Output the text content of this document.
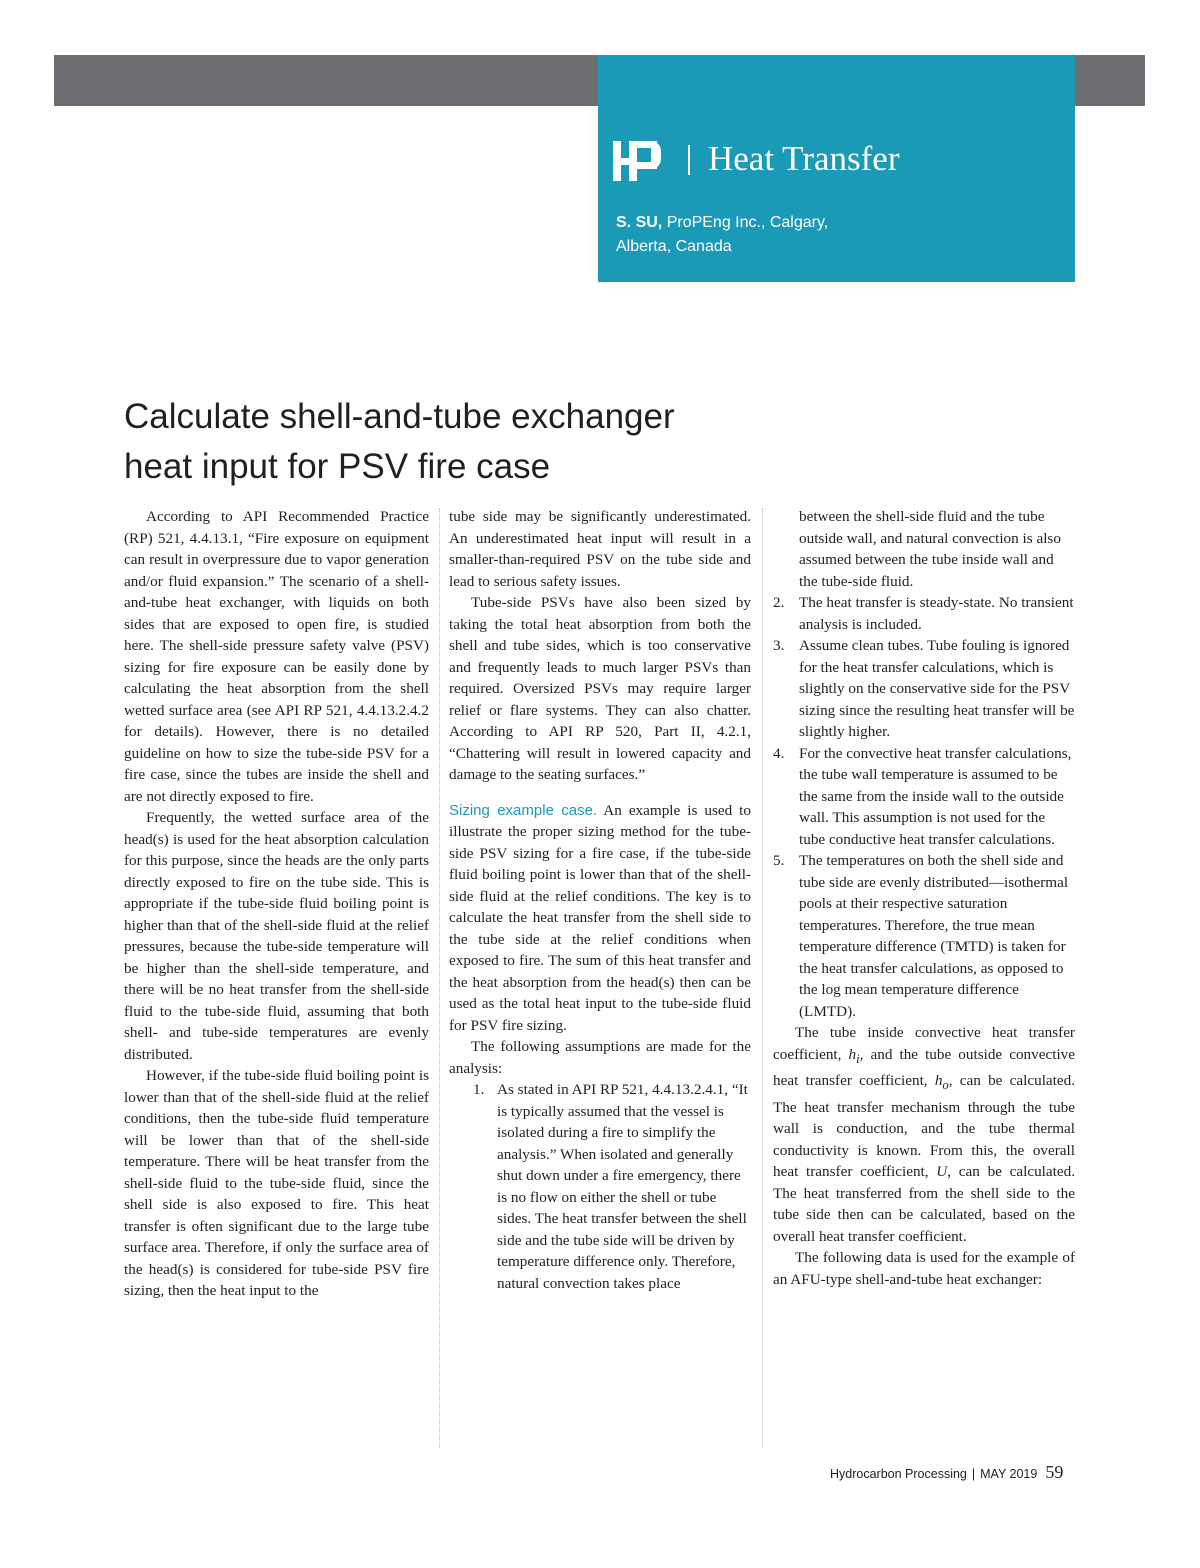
Heat Transfer
S. SU, ProPEng Inc., Calgary,
Alberta, Canada
Calculate shell-and-tube exchanger
heat input for PSV fire case

According to API Recommended Practice (RP) 521, 4.4.13.1, “Fire exposure on equipment can result in overpressure due to vapor generation and/or fluid expansion.” The scenario of a shell-and-tube heat exchanger, with liquids on both sides that are exposed to open fire, is studied here. The shell-side pressure safety valve (PSV) sizing for fire exposure can be easily done by calculating the heat absorption from the shell wetted surface area (see API RP 521, 4.4.13.2.4.2 for details). However, there is no detailed guideline on how to size the tube-side PSV for a fire case, since the tubes are inside the shell and are not directly exposed to fire.

Frequently, the wetted surface area of the head(s) is used for the heat absorption calculation for this purpose, since the heads are the only parts directly exposed to fire on the tube side. This is appropriate if the tube-side fluid boiling point is higher than that of the shell-side fluid at the relief pressures, because the tube-side temperature will be higher than the shell-side temperature, and there will be no heat transfer from the shell-side fluid to the tube-side fluid, assuming that both shell- and tube-side temperatures are evenly distributed.

However, if the tube-side fluid boiling point is lower than that of the shell-side fluid at the relief conditions, then the tube-side fluid temperature will be lower than that of the shell-side temperature. There will be heat transfer from the shell-side fluid to the tube-side fluid, since the shell side is also exposed to fire. This heat transfer is often significant due to the large tube surface area. Therefore, if only the surface area of the head(s) is considered for tube-side PSV fire sizing, then the heat input to the

tube side may be significantly underestimated. An underestimated heat input will result in a smaller-than-required PSV on the tube side and lead to serious safety issues.

Tube-side PSVs have also been sized by taking the total heat absorption from both the shell and tube sides, which is too conservative and frequently leads to much larger PSVs than required. Oversized PSVs may require larger relief or flare systems. They can also chatter. According to API RP 520, Part II, 4.2.1, “Chattering will result in lowered capacity and damage to the seating surfaces.”

Sizing example case. An example is used to illustrate the proper sizing method for the tube-side PSV sizing for a fire case, if the tube-side fluid boiling point is lower than that of the shell-side fluid at the relief conditions. The key is to calculate the heat transfer from the shell side to the tube side at the relief conditions when exposed to fire. The sum of this heat transfer and the heat absorption from the head(s) then can be used as the total heat input to the tube-side fluid for PSV fire sizing.

The following assumptions are made for the analysis:

1. As stated in API RP 521, 4.4.13.2.4.1, “It is typically assumed that the vessel is isolated during a fire to simplify the analysis.” When isolated and generally shut down under a fire emergency, there is no flow on either the shell or tube sides. The heat transfer between the shell side and the tube side will be driven by temperature difference only. Therefore, natural convection takes place
between the shell-side fluid and the tube outside wall, and natural convection is also assumed between the tube inside wall and the tube-side fluid.
2. The heat transfer is steady-state. No transient analysis is included.
3. Assume clean tubes. Tube fouling is ignored for the heat transfer calculations, which is slightly on the conservative side for the PSV sizing since the resulting heat transfer will be slightly higher.
4. For the convective heat transfer calculations, the tube wall temperature is assumed to be the same from the inside wall to the outside wall. This assumption is not used for the tube conductive heat transfer calculations.
5. The temperatures on both the shell side and tube side are evenly distributed—isothermal pools at their respective saturation temperatures. Therefore, the true mean temperature difference (TMTD) is taken for the heat transfer calculations, as opposed to the log mean temperature difference (LMTD).

The tube inside convective heat transfer coefficient, $h_i$, and the tube outside convective heat transfer coefficient, $h_o$, can be calculated. The heat transfer mechanism through the tube wall is conduction, and the tube thermal conductivity is known. From this, the overall heat transfer coefficient, U, can be calculated. The heat transferred from the shell side to the tube side then can be calculated, based on the overall heat transfer coefficient.

The following data is used for the example of an AFU-type shell-and-tube heat exchanger:

Hydrocarbon Processing | MAY 2019 59
